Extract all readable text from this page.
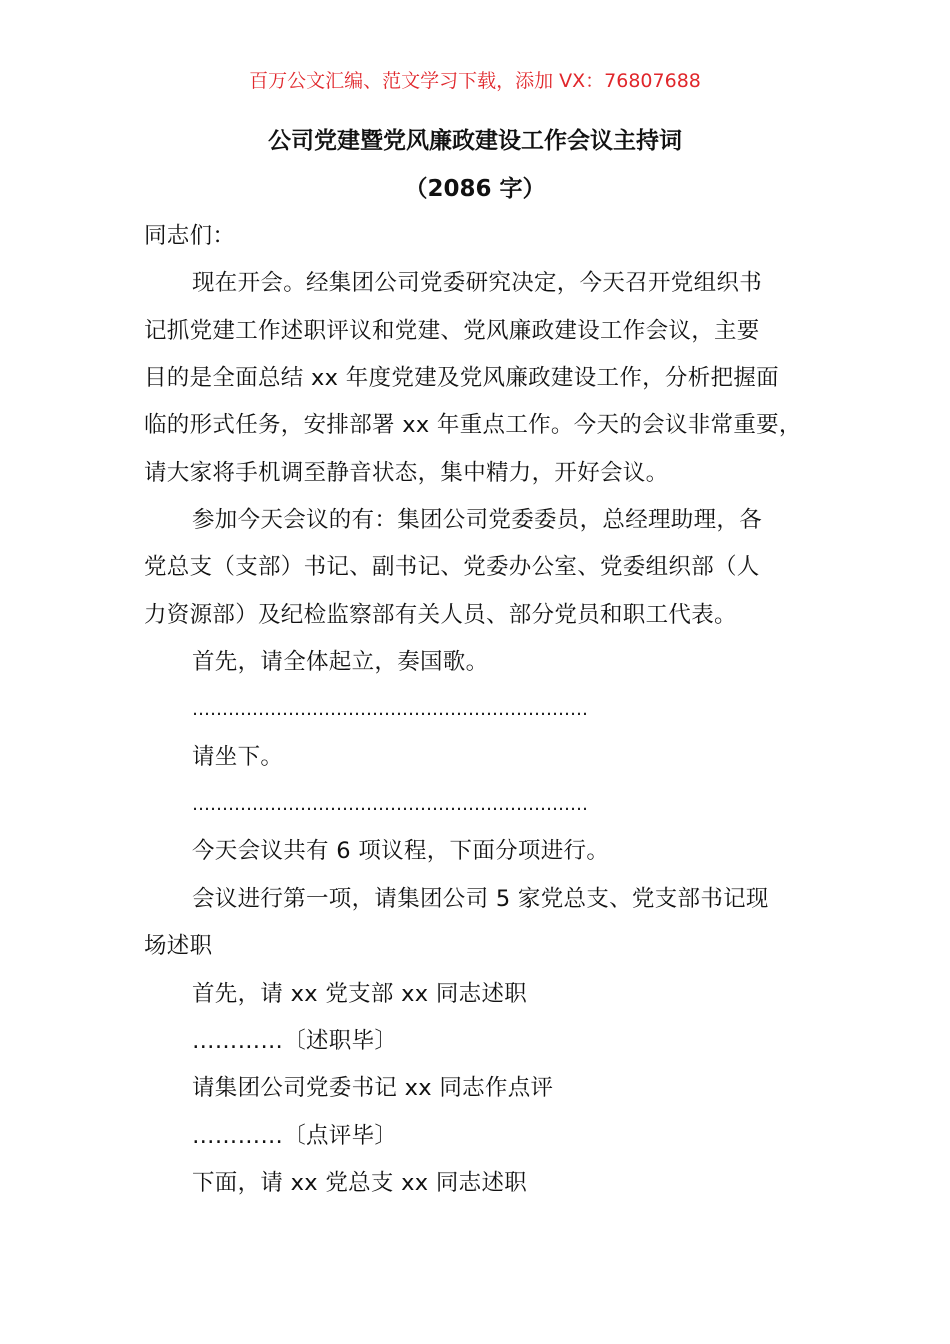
百万公文汇编、范文学习下载，添加 VX：76807688
公司党建暨党风廉政建设工作会议主持词
（2086 字）
同志们：
现在开会。经集团公司党委研究决定，今天召开党组织书
记抓党建工作述职评议和党建、党风廉政建设工作会议，主要
目的是全面总结 xx 年度党建及党风廉政建设工作，分析把握面
临的形式任务，安排部署 xx 年重点工作。今天的会议非常重要，
请大家将手机调至静音状态，集中精力，开好会议。
参加今天会议的有：集团公司党委委员，总经理助理，各
党总支（支部）书记、副书记、党委办公室、党委组织部（人
力资源部）及纪检监察部有关人员、部分党员和职工代表。
首先，请全体起立，奏国歌。
…………………………………………………………
请坐下。
…………………………………………………………
今天会议共有 6 项议程，下面分项进行。
会议进行第一项，请集团公司 5 家党总支、党支部书记现
场述职
首先，请 xx 党支部 xx 同志述职
…………〔述职毕〕
请集团公司党委书记 xx 同志作点评
…………〔点评毕〕
下面，请 xx 党总支 xx 同志述职
